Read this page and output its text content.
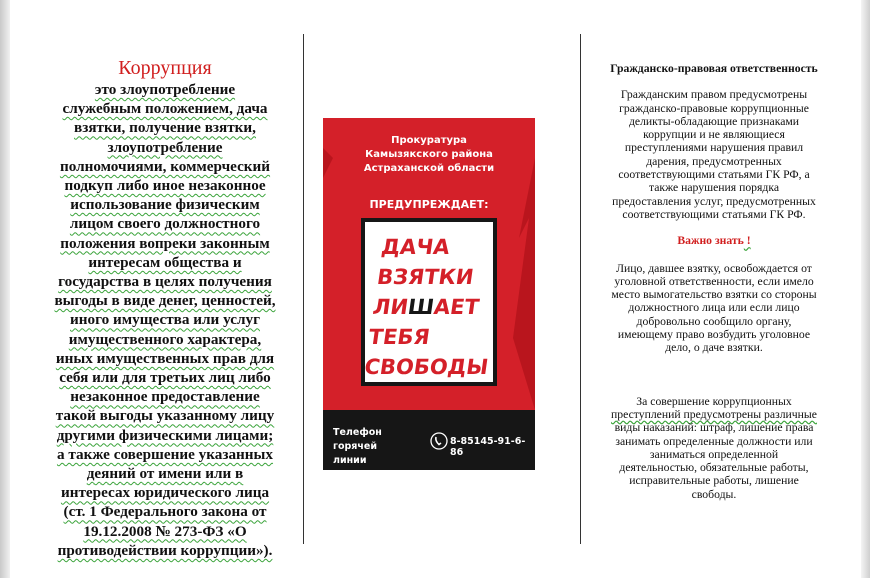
Коррупция
это злоупотребление
служебным положением, дача
взятки, получение взятки,
злоупотребление
полномочиями, коммерческий
подкуп либо иное незаконное
использование физическим
лицом своего должностного
положения вопреки законным
интересам общества и
государства в целях получения
выгоды в виде денег, ценностей,
иного имущества или услуг
имущественного характера,
иных имущественных прав для
себя или для третьих лиц либо
незаконное предоставление
такой выгоды указанному лицу
другими физическими лицами;
а также совершение указанных
деяний от имени или в
интересах юридического лица
(ст. 1 Федерального закона от
19.12.2008 № 273-ФЗ «О
противодействии коррупции»).
Прокуратура
Камызякского района
Астраханской области
ПРЕДУПРЕЖДАЕТ:
ДАЧА
ВЗЯТКИ
ЛИШАЕТ
ТЕБЯ
СВОБОДЫ
Телефон горячей
линии
8-85145-91-6-86
Гражданско-правовая ответственность

Гражданским правом предусмотрены

гражданско-правовые коррупционные

деликты-обладающие признаками

коррупции и не являющиеся

преступлениями нарушения правил

дарения, предусмотренных

соответствующими статьями ГК РФ, а

также нарушения порядка

предоставления услуг, предусмотренных

соответствующими статьями ГК РФ.

Важно знать !

Лицо, давшее взятку, освобождается от

уголовной ответственности, если имело

место вымогательство взятки со стороны

должностного лица или если лицо

добровольно сообщило органу,

имеющему право возбудить уголовное

дело, о даче взятки.

За совершение коррупционных

преступлений предусмотрены различные

виды наказаний: штраф, лишение права

занимать определенные должности или

заниматься определенной

деятельностью, обязательные работы,

исправительные работы, лишение

свободы.
